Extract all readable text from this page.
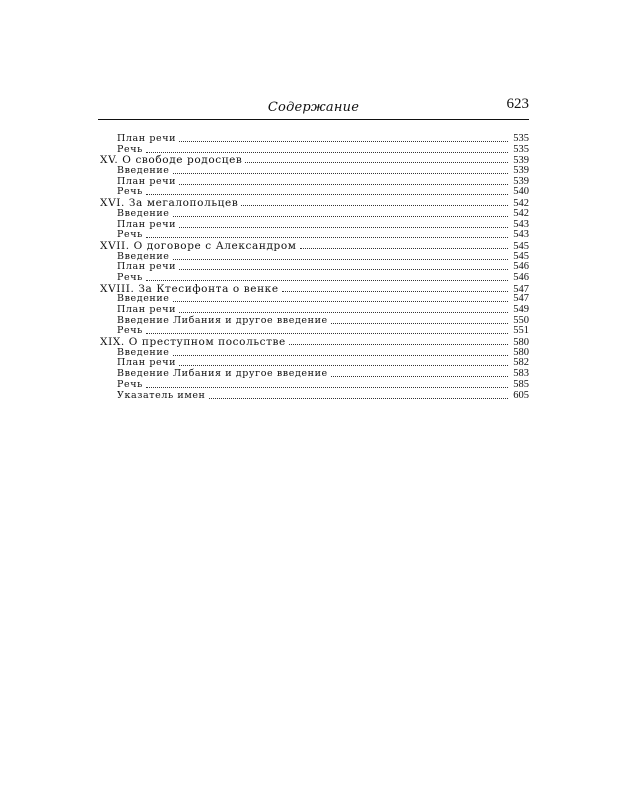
Содержание	623
План речи	535
Речь	535
XV. О свободе родосцев	539
Введение	539
План речи	539
Речь	540
XVI. За мегалопольцев	542
Введение	542
План речи	543
Речь	543
XVII. О договоре с Александром	545
Введение	545
План речи	546
Речь	546
XVIII. За Ктесифонта о венке	547
Введение	547
План речи	549
Введение Либания и другое введение	550
Речь	551
XIX. О преступном посольстве	580
Введение	580
План речи	582
Введение Либания и другое введение	583
Речь	585
Указатель имен	605
